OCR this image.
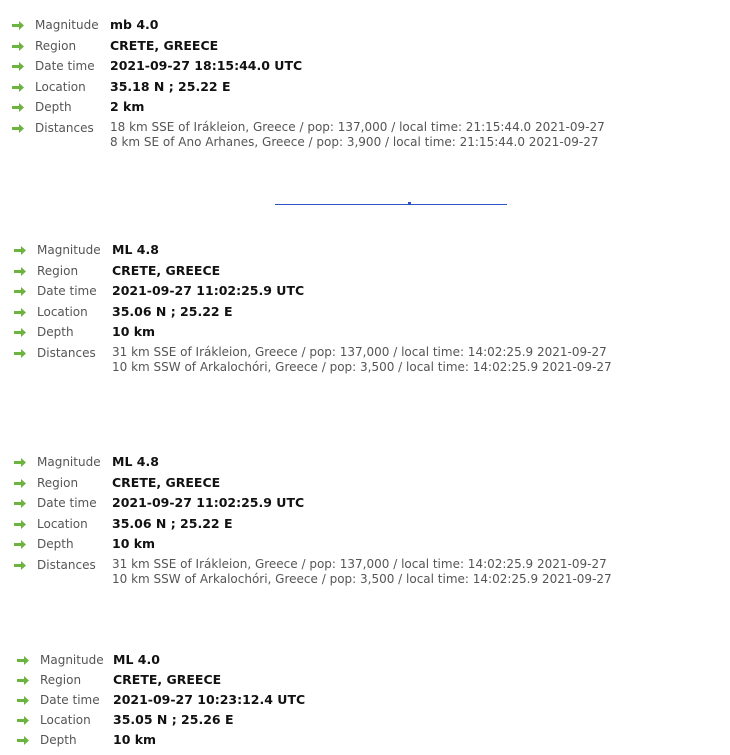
Magnitude mb 4.0
Region	CRETE, GREECE
Date time 2021-09-27 18:15:44.0 UTC
Location 35.18 N ; 25.22 E
Depth	2 km
Distances 18 km SSE of Irákleion, Greece / pop: 137,000 / local time: 21:15:44.0 2021-09-27
8 km SE of Ano Arhanes, Greece / pop: 3,900 / local time: 21:15:44.0 2021-09-27
Magnitude ML 4.8
Region	CRETE, GREECE
Date time 2021-09-27 11:02:25.9 UTC
Location 35.06 N ; 25.22 E
Depth	10 km
Distances 31 km SSE of Irákleion, Greece / pop: 137,000 / local time: 14:02:25.9 2021-09-27
10 km SSW of Arkalochóri, Greece / pop: 3,500 / local time: 14:02:25.9 2021-09-27
Magnitude ML 4.8
Region	CRETE, GREECE
Date time 2021-09-27 11:02:25.9 UTC
Location 35.06 N ; 25.22 E
Depth	10 km
Distances 31 km SSE of Irákleion, Greece / pop: 137,000 / local time: 14:02:25.9 2021-09-27
10 km SSW of Arkalochóri, Greece / pop: 3,500 / local time: 14:02:25.9 2021-09-27
Magnitude ML 4.0
Region	CRETE, GREECE
Date time 2021-09-27 10:23:12.4 UTC
Location 35.05 N ; 25.26 E
Depth	10 km
